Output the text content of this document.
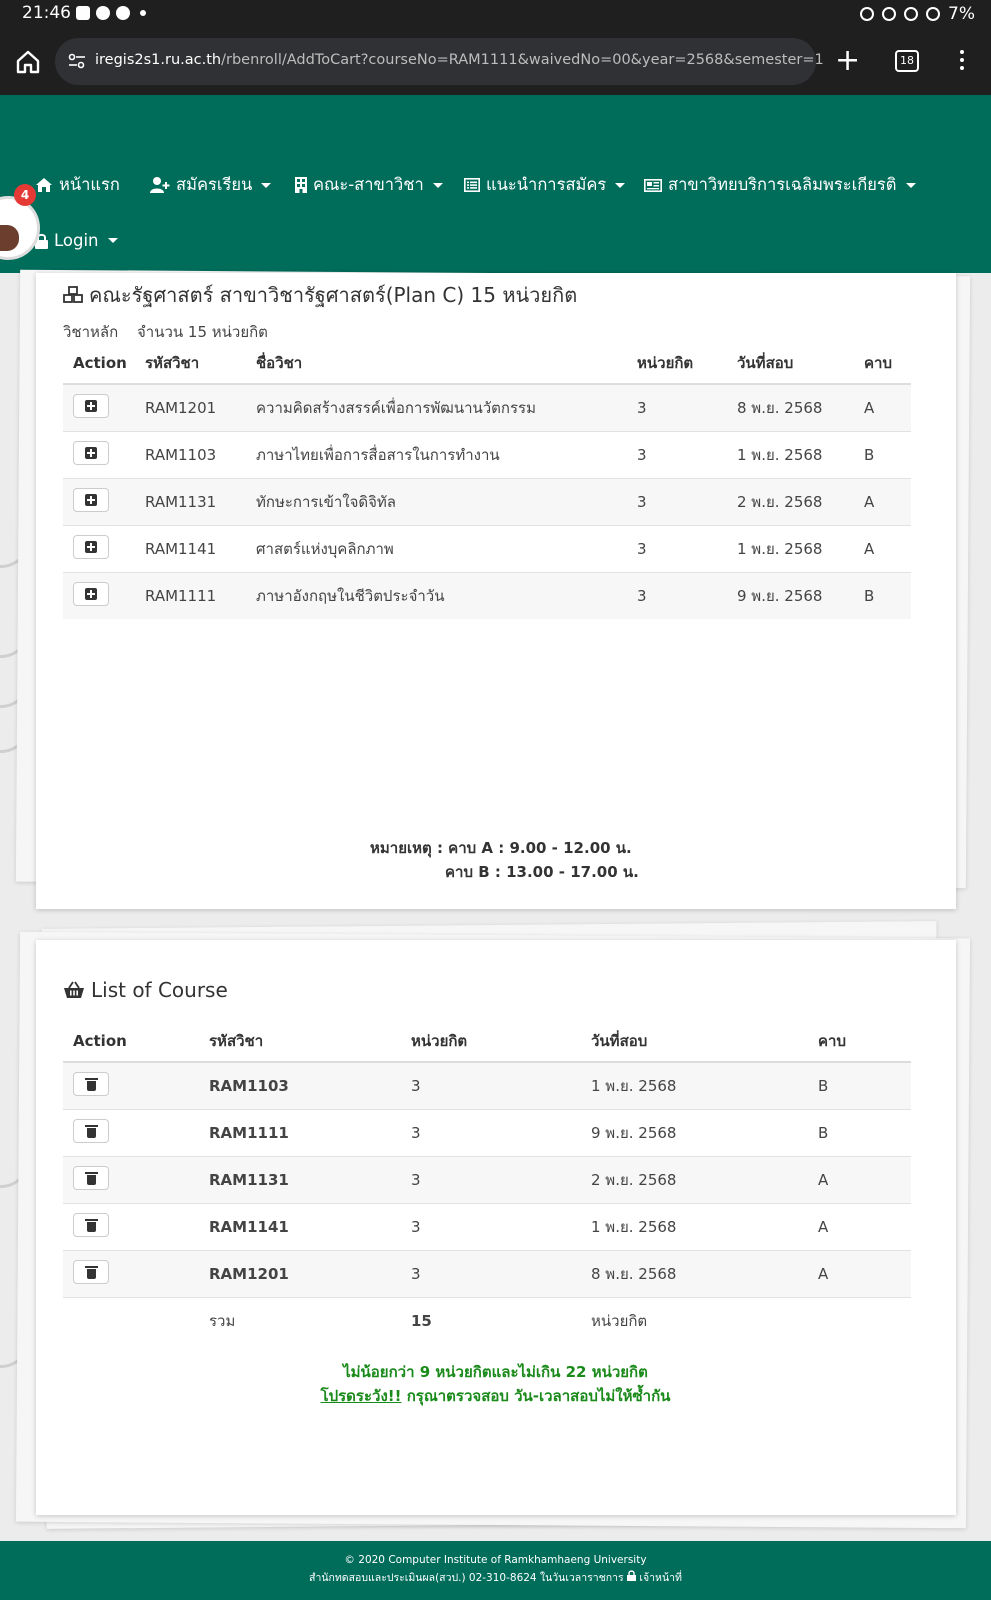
21:46	7%
iregis2s1.ru.ac.th/rbenroll/AddToCart?courseNo=RAM1111&waivedNo=00&year=2568&semester=1 +	18
หน้าแรก	สมัครเรียน	คณะ-สาขาวิชา	แนะนำการสมัคร	สาขาวิทยบริการเฉลิมพระเกียรติ
Login
4
คณะรัฐศาสตร์ สาขาวิชารัฐศาสตร์(Plan C) 15 หน่วยกิต
วิชาหลัก จำนวน 15 หน่วยกิต
Action	รหัสวิชา	ชื่อวิชา	หน่วยกิต	วันที่สอบ	คาบ

	RAM1201	ความคิดสร้างสรรค์เพื่อการพัฒนานวัตกรรม	3	8 พ.ย. 2568	A

	RAM1103	ภาษาไทยเพื่อการสื่อสารในการทำงาน	3	1 พ.ย. 2568	B

	RAM1131	ทักษะการเข้าใจดิจิทัล	3	2 พ.ย. 2568	A

	RAM1141	ศาสตร์แห่งบุคลิกภาพ	3	1 พ.ย. 2568	A

	RAM1111	ภาษาอังกฤษในชีวิตประจำวัน	3	9 พ.ย. 2568	B
หมายเหตุ : คาบ A : 9.00 - 12.00 น.
คาบ B : 13.00 - 17.00 น.
List of Course
Action	รหัสวิชา	หน่วยกิต	วันที่สอบ	คาบ

	RAM1103	3	1 พ.ย. 2568	B

	RAM1111	3	9 พ.ย. 2568	B

	RAM1131	3	2 พ.ย. 2568	A

	RAM1141	3	1 พ.ย. 2568	A

	RAM1201	3	8 พ.ย. 2568	A
	รวม	15	หน่วยกิต	
ไม่น้อยกว่า 9 หน่วยกิตและไม่เกิน 22 หน่วยกิต
โปรดระวัง!! กรุณาตรวจสอบ วัน-เวลาสอบไม่ให้ซ้ำกัน
© 2020 Computer Institute of Ramkhamhaeng University
สำนักทดสอบและประเมินผล(สวป.) 02-310-8624 ในวันเวลาราชการ เจ้าหน้าที่
